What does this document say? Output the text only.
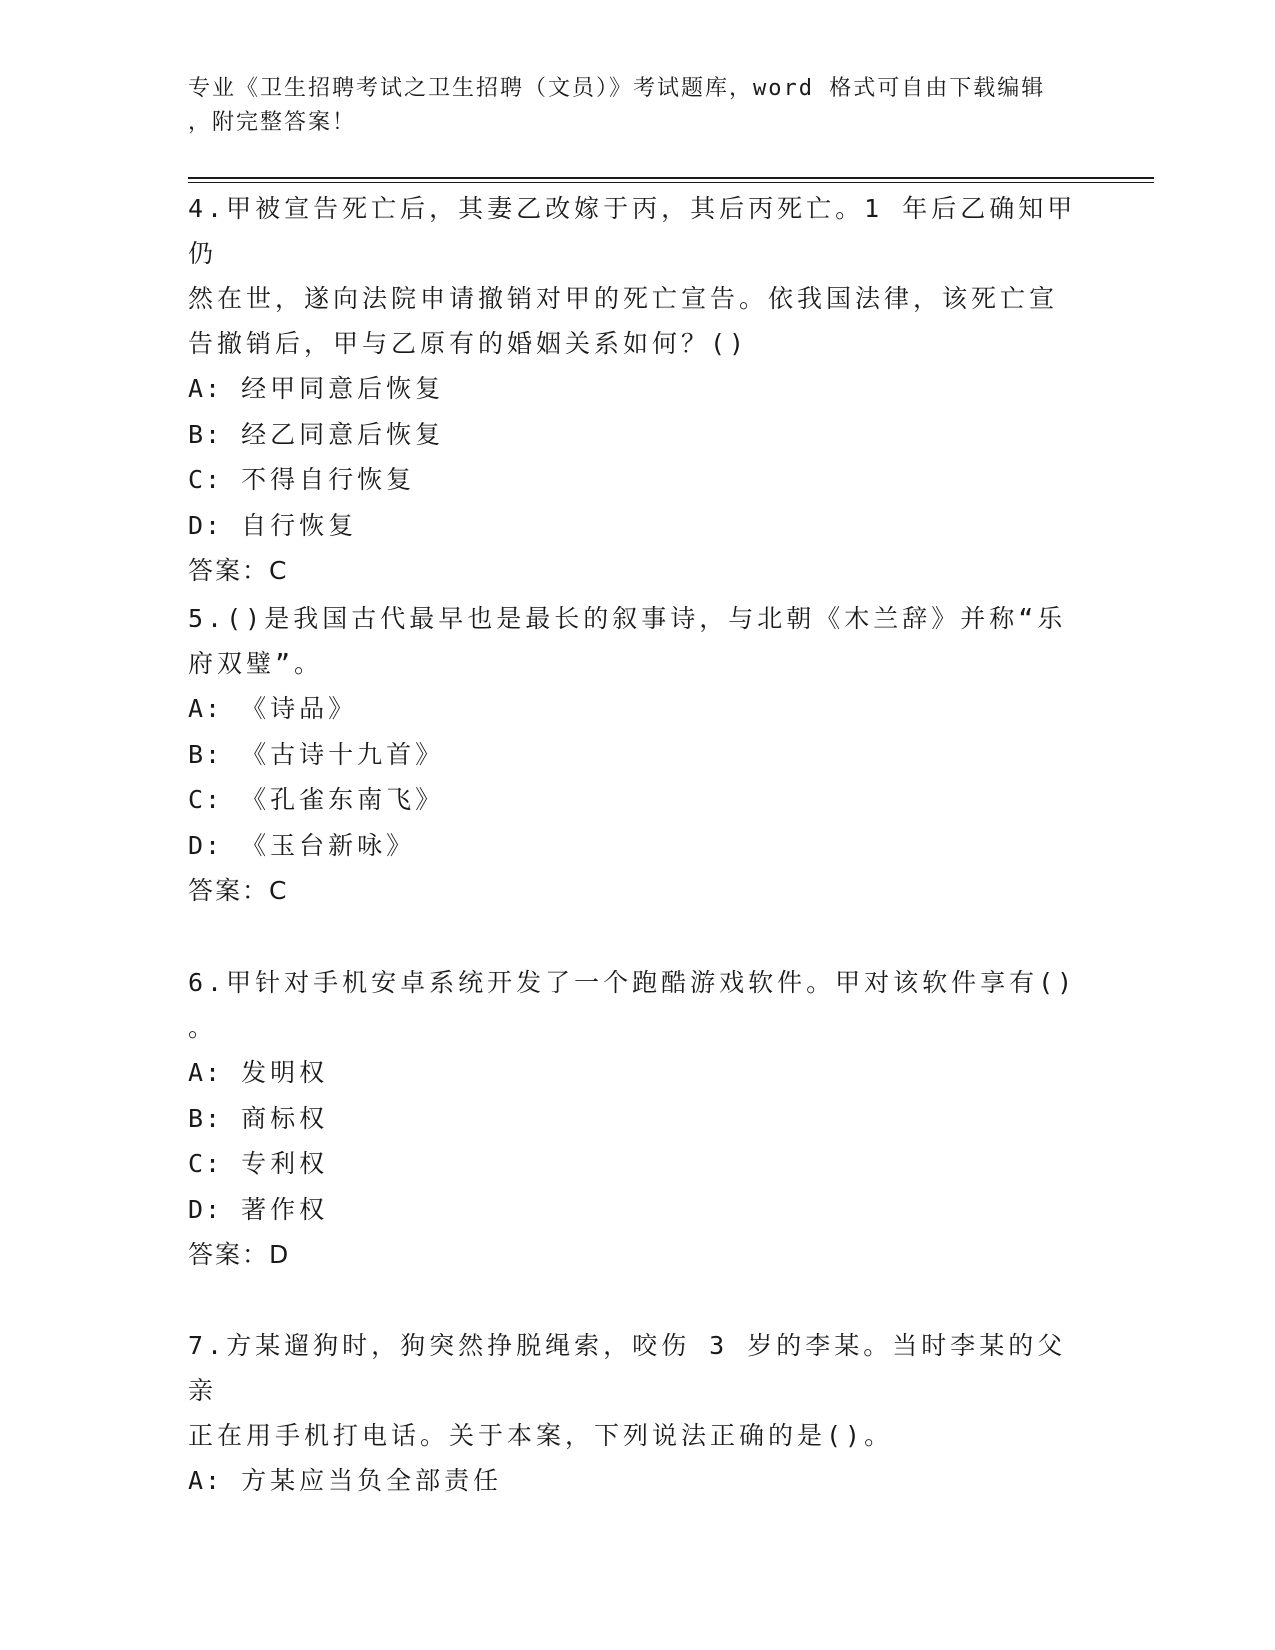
专业《卫生招聘考试之卫生招聘（文员）》考试题库，word 格式可自由下载编辑
，附完整答案！
4.甲被宣告死亡后，其妻乙改嫁于丙，其后丙死亡。1 年后乙确知甲仍
然在世，遂向法院申请撤销对甲的死亡宣告。依我国法律，该死亡宣
告撤销后，甲与乙原有的婚姻关系如何？()
A: 经甲同意后恢复
B: 经乙同意后恢复
C: 不得自行恢复
D: 自行恢复
答案：C
5.()是我国古代最早也是最长的叙事诗，与北朝《木兰辞》并称“乐
府双璧”。
A: 《诗品》
B: 《古诗十九首》
C: 《孔雀东南飞》
D: 《玉台新咏》
答案：C
6.甲针对手机安卓系统开发了一个跑酷游戏软件。甲对该软件享有()
。
A: 发明权
B: 商标权
C: 专利权
D: 著作权
答案：D
7.方某遛狗时，狗突然挣脱绳索，咬伤 3 岁的李某。当时李某的父亲
正在用手机打电话。关于本案，下列说法正确的是()。
A: 方某应当负全部责任
